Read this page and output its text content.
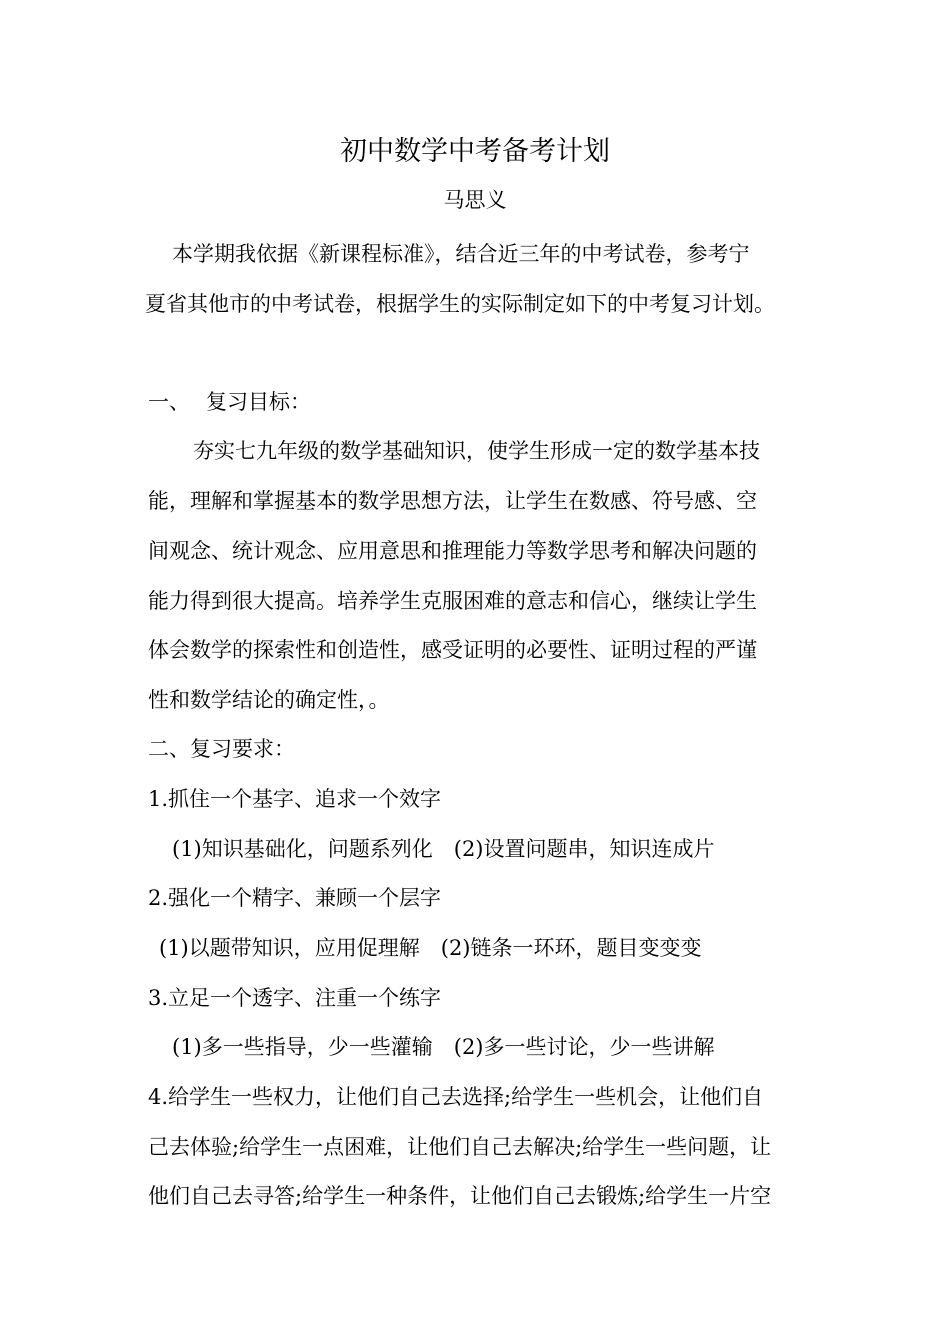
初中数学中考备考计划
马思义
本学期我依据《新课程标准》，结合近三年的中考试卷，参考宁
夏省其他市的中考试卷，根据学生的实际制定如下的中考复习计划。
一、 复习目标：
夯实七九年级的数学基础知识，使学生形成一定的数学基本技
能，理解和掌握基本的数学思想方法，让学生在数感、符号感、空
间观念、统计观念、应用意思和推理能力等数学思考和解决问题的
能力得到很大提高。培养学生克服困难的意志和信心，继续让学生
体会数学的探索性和创造性，感受证明的必要性、证明过程的严谨
性和数学结论的确定性，。
二、复习要求：
1.抓住一个基字、追求一个效字
(1)知识基础化，问题系列化　(2)设置问题串，知识连成片
2.强化一个精字、兼顾一个层字
(1)以题带知识，应用促理解　(2)链条一环环，题目变变变
3.立足一个透字、注重一个练字
(1)多一些指导，少一些灌输　(2)多一些讨论，少一些讲解
4.给学生一些权力，让他们自己去选择;给学生一些机会，让他们自
己去体验;给学生一点困难，让他们自己去解决;给学生一些问题，让
他们自己去寻答;给学生一种条件，让他们自己去锻炼;给学生一片空
